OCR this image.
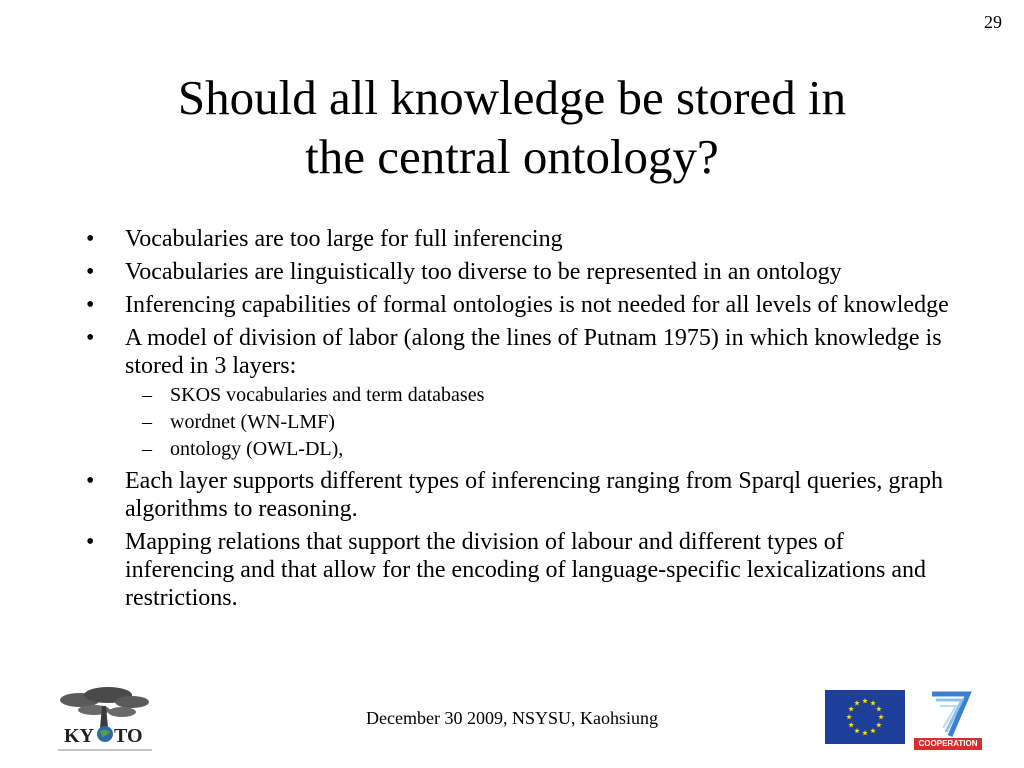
29
Should all knowledge be stored in
the central ontology?
•	Vocabularies are too large for full inferencing
•	Vocabularies are linguistically too diverse to be represented in an ontology
•	Inferencing capabilities of formal ontologies is not needed for all levels of knowledge
•	A model of division of labor (along the lines of Putnam 1975) in which knowledge is stored in 3 layers:
– SKOS vocabularies and term databases
– wordnet (WN-LMF)
– ontology (OWL-DL),
•	Each layer supports different types of inferencing ranging from Sparql queries, graph algorithms to reasoning.
•	Mapping relations that support the division of labour and different types of inferencing and that allow for the encoding of language-specific lexicalizations and restrictions.
KY TO
December 30 2009, NSYSU, Kaohsiung
COOPERATION
